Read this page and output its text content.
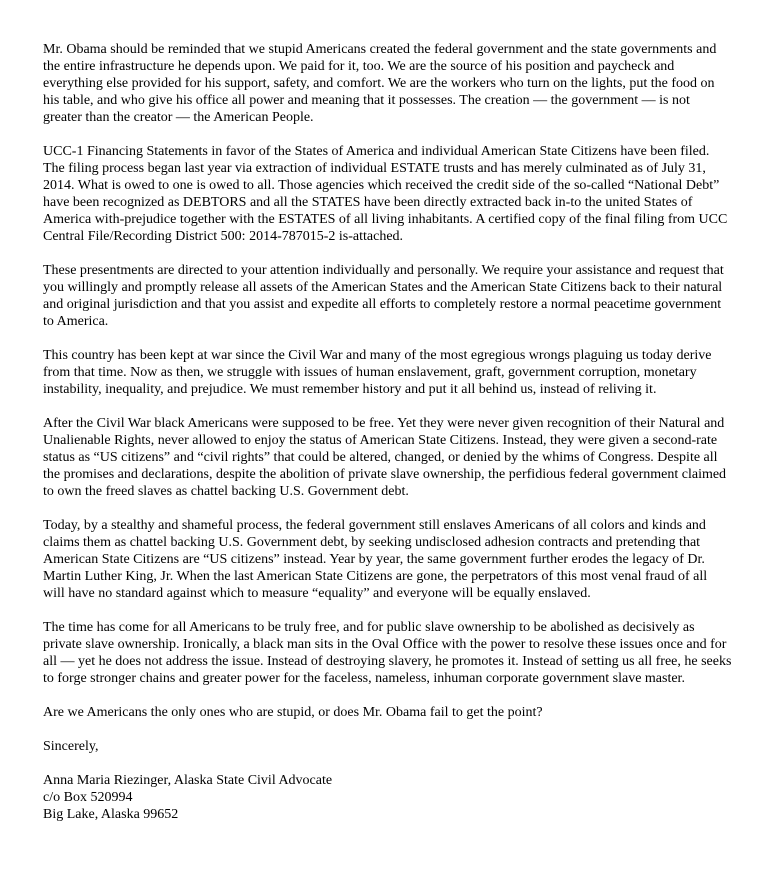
Mr. Obama should be reminded that we stupid Americans created the federal government and the state governments and the entire infrastructure he depends upon. We paid for it, too. We are the source of his position and paycheck and everything else provided for his support, safety, and comfort. We are the workers who turn on the lights, put the food on his table, and who give his office all power and meaning that it possesses. The creation — the government — is not greater than the creator — the American People.

UCC-1 Financing Statements in favor of the States of America and individual American State Citizens have been filed. The filing process began last year via extraction of individual ESTATE trusts and has merely culminated as of July 31, 2014. What is owed to one is owed to all. Those agencies which received the credit side of the so-called “National Debt” have been recognized as DEBTORS and all the STATES have been directly extracted back in-to the united States of America with-prejudice together with the ESTATES of all living inhabitants. A certified copy of the final filing from UCC Central File/Recording District 500: 2014-787015-2 is-attached.

These presentments are directed to your attention individually and personally. We require your assistance and request that you willingly and promptly release all assets of the American States and the American State Citizens back to their natural and original jurisdiction and that you assist and expedite all efforts to completely restore a normal peacetime government to America.

This country has been kept at war since the Civil War and many of the most egregious wrongs plaguing us today derive from that time. Now as then, we struggle with issues of human enslavement, graft, government corruption, monetary instability, inequality, and prejudice. We must remember history and put it all behind us, instead of reliving it.

After the Civil War black Americans were supposed to be free. Yet they were never given recognition of their Natural and Unalienable Rights, never allowed to enjoy the status of American State Citizens. Instead, they were given a second-rate status as “US citizens” and “civil rights” that could be altered, changed, or denied by the whims of Congress. Despite all the promises and declarations, despite the abolition of private slave ownership, the perfidious federal government claimed to own the freed slaves as chattel backing U.S. Government debt.

Today, by a stealthy and shameful process, the federal government still enslaves Americans of all colors and kinds and claims them as chattel backing U.S. Government debt, by seeking undisclosed adhesion contracts and pretending that American State Citizens are “US citizens” instead. Year by year, the same government further erodes the legacy of Dr. Martin Luther King, Jr. When the last American State Citizens are gone, the perpetrators of this most venal fraud of all will have no standard against which to measure “equality” and everyone will be equally enslaved.

The time has come for all Americans to be truly free, and for public slave ownership to be abolished as decisively as private slave ownership. Ironically, a black man sits in the Oval Office with the power to resolve these issues once and for all — yet he does not address the issue. Instead of destroying slavery, he promotes it. Instead of setting us all free, he seeks to forge stronger chains and greater power for the faceless, nameless, inhuman corporate government slave master.

Are we Americans the only ones who are stupid, or does Mr. Obama fail to get the point?

Sincerely,

Anna Maria Riezinger, Alaska State Civil Advocate
c/o Box 520994
Big Lake, Alaska 99652
